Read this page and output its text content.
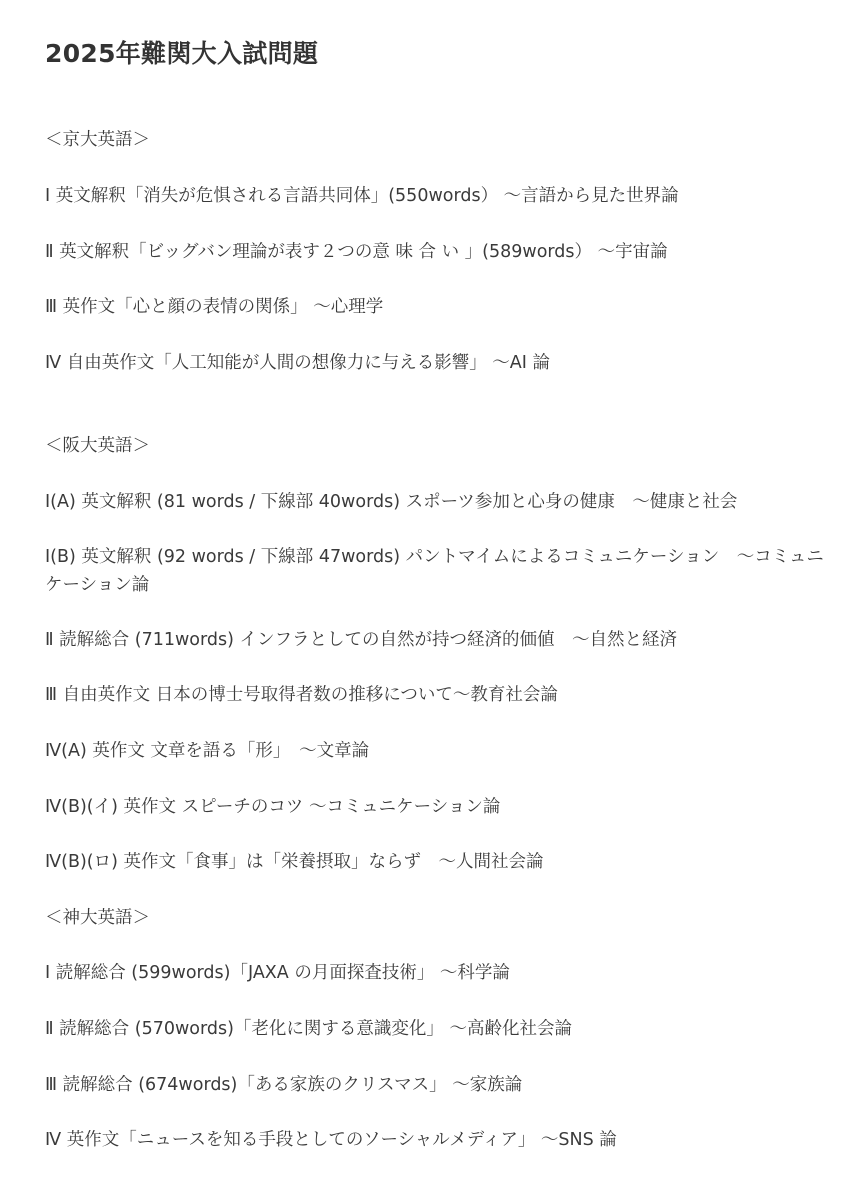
2025年難関大入試問題

＜京大英語＞

Ⅰ 英文解釈「消失が危惧される言語共同体」(550words） ～言語から見た世界論

Ⅱ 英文解釈「ビッグバン理論が表す２つの意 味 合 い 」(589words） ～宇宙論

Ⅲ 英作文「心と顔の表情の関係」 ～心理学

Ⅳ 自由英作文「人工知能が人間の想像力に与える影響」 ～AI 論

＜阪大英語＞

Ⅰ(A) 英文解釈 (81 words / 下線部 40words) スポーツ参加と心身の健康　～健康と社会

Ⅰ(B) 英文解釈 (92 words / 下線部 47words) パントマイムによるコミュニケーション　～コミュニケーション論

Ⅱ 読解総合 (711words) インフラとしての自然が持つ経済的価値　～自然と経済

Ⅲ 自由英作文 日本の博士号取得者数の推移について～教育社会論

Ⅳ(A) 英作文 文章を語る「形」　～文章論

Ⅳ(B)(イ) 英作文 スピーチのコツ ～コミュニケーション論

Ⅳ(B)(ロ) 英作文「食事」は「栄養摂取」ならず　～人間社会論

＜神大英語＞

Ⅰ 読解総合 (599words)「JAXA の月面探査技術」 ～科学論

Ⅱ 読解総合 (570words)「老化に関する意識変化」 ～高齢化社会論

Ⅲ 読解総合 (674words)「ある家族のクリスマス」 ～家族論

Ⅳ 英作文「ニュースを知る手段としてのソーシャルメディア」 ～SNS 論
